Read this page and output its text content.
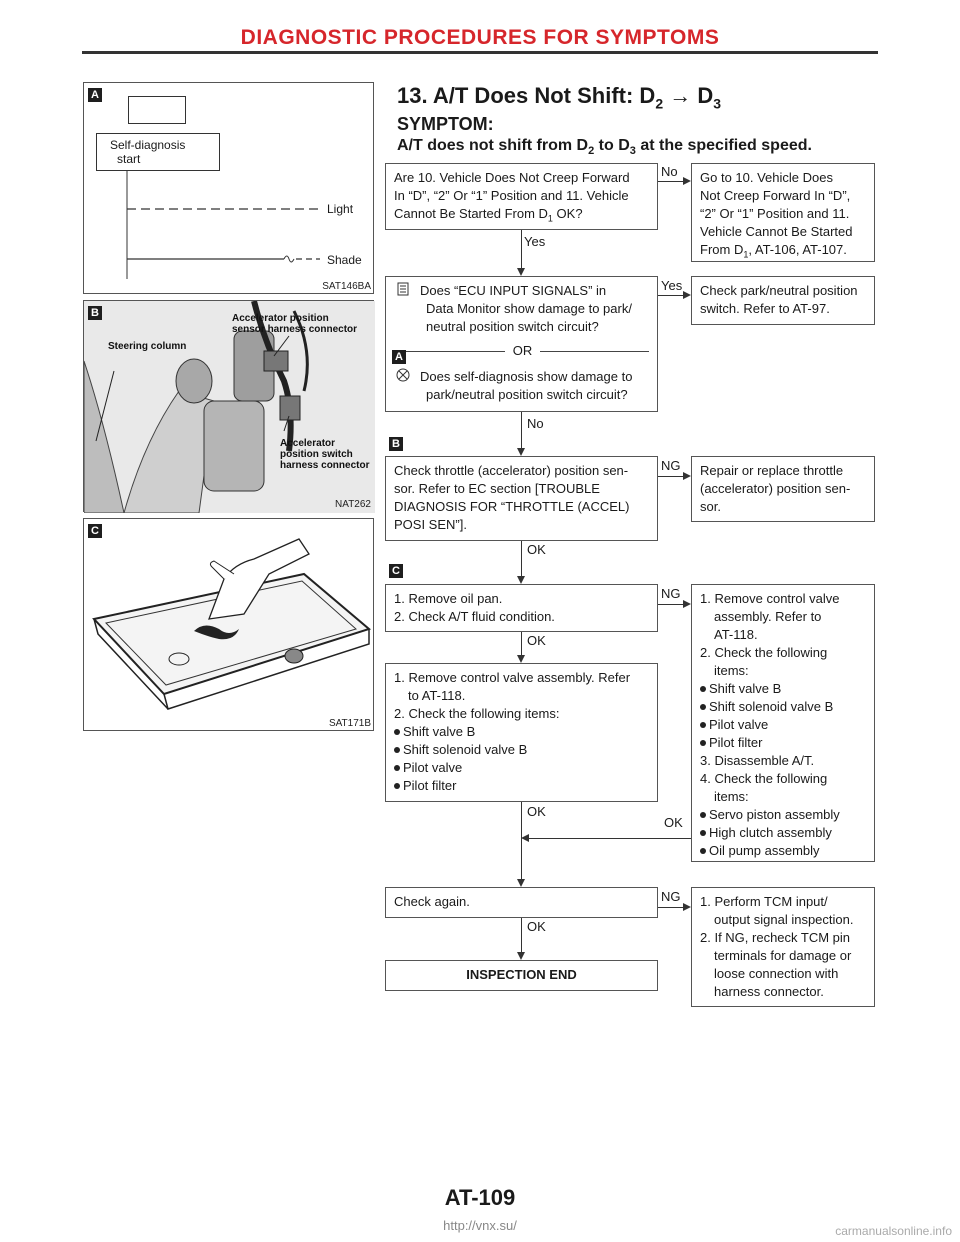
DIAGNOSTIC PROCEDURES FOR SYMPTOMS
A
Self-diagnosis
start
Light
Shade
SAT146BA
B	Accelerator position
sensor harness connector
Steering column
Accelerator
position switch
harness connector
NAT262
C
SAT171B
13. A/T Does Not Shift: $D_2 \to D_3$
SYMPTOM:
A/T does not shift from $D_2$ to $D_3$ at the specified speed.
Are 10. Vehicle Does Not Creep Forward
In “D”, “2” Or “1” Position and 11. Vehicle
Cannot Be Started From $D_1$ OK?
No Go to 10. Vehicle Does
Not Creep Forward In “D”,
“2” Or “1” Position and 11.
Vehicle Cannot Be Started
From $D_1$, AT-106, AT-107.
Yes
Does “ECU INPUT SIGNALS” in
Data Monitor show damage to park/
neutral position switch circuit?
OR
Does self-diagnosis show damage to
park/neutral position switch circuit?
A
Yes Check park/neutral position
switch. Refer to AT-97.
No
B
Check throttle (accelerator) position sen-
sor. Refer to EC section [TROUBLE
DIAGNOSIS FOR “THROTTLE (ACCEL)
POSI SEN”].
NG Repair or replace throttle
(accelerator) position sen-
sor.
OK
C
1. Remove oil pan.
2. Check A/T fluid condition.
NG 1. Remove control valve
assembly. Refer to
AT-118.
2. Check the following
items:
Shift valve B
Shift solenoid valve B
Pilot valve
Pilot filter
3. Disassemble A/T.
4. Check the following
items:
Servo piston assembly
High clutch assembly
Oil pump assembly
OK
1. Remove control valve assembly. Refer
to AT-118.
2. Check the following items:
Shift valve B
Shift solenoid valve B
Pilot valve
Pilot filter
OK
OK
Check again.	NG 1. Perform TCM input/
output signal inspection.
2. If NG, recheck TCM pin
terminals for damage or
loose connection with
harness connector.
OK
INSPECTION END
AT-109
http://vnx.su/	carmanualsonline.info
